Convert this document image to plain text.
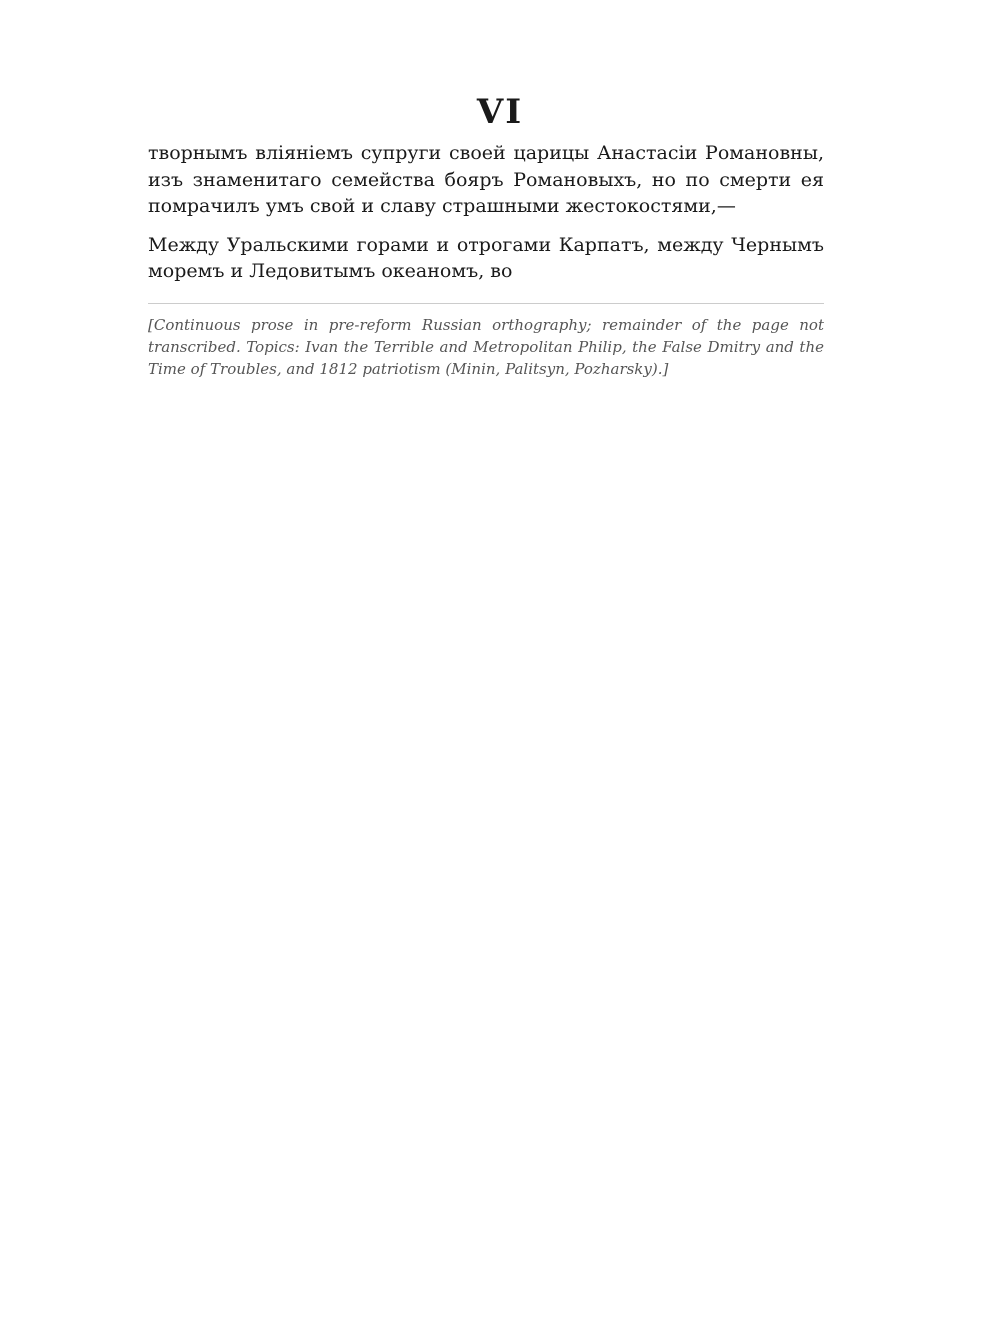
VI

творнымъ вліяніемъ супруги своей царицы Анастасіи Романовны, изъ знаменитаго семейства бояръ Романовыхъ, но по смерти ея помрачилъ умъ свой и славу страшными жестокостями,—

Между Уральскими горами и отрогами Карпатъ, между Чернымъ моремъ и Ледовитымъ океаномъ, во

[Continuous prose in pre-reform Russian orthography; remainder of the page not transcribed. Topics: Ivan the Terrible and Metropolitan Philip, the False Dmitry and the Time of Troubles, and 1812 patriotism (Minin, Palitsyn, Pozharsky).]
